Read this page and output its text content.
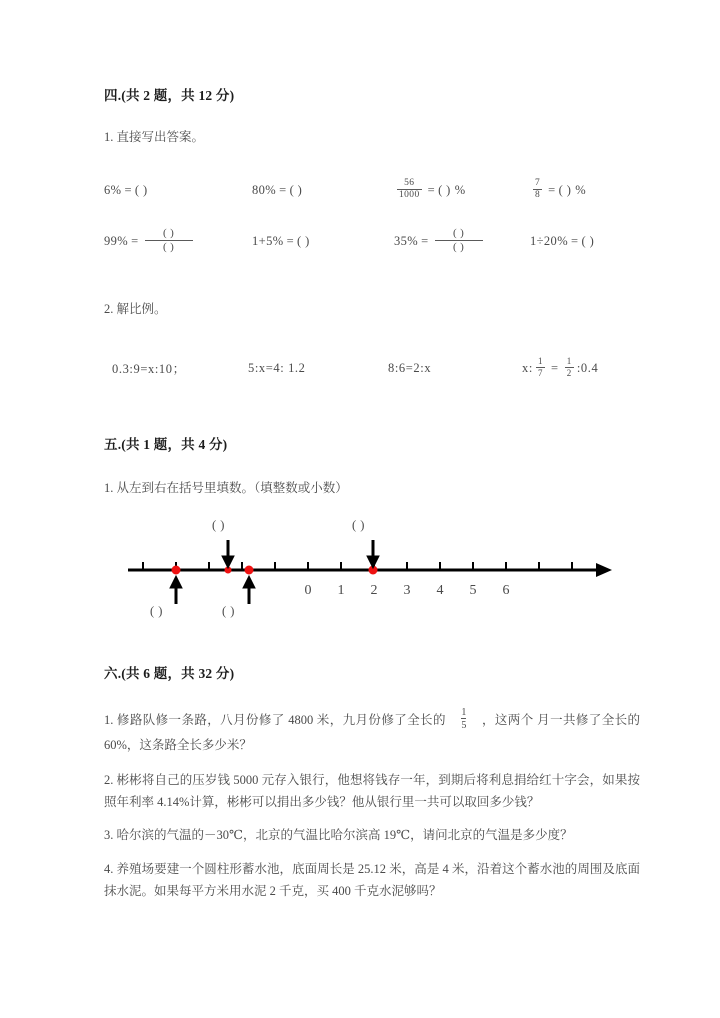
四.(共 2 题，共 12 分)
1. 直接写出答案。
6% = ( )	80% = ( )	$\frac{56}{1000}$ = ( ) %	$\frac{7}{8}$ = ( ) %
$99\% = \frac{( )}{( )}$	1+5% = ( )	$35\% = \frac{( )}{( )}$	1÷20% = ( )
2. 解比例。
0.3:9=x:10；	5:x=4: 1.2	8:6=2:x	x: $\frac{1}{7} = \frac{1}{2}$ :0.4
五.(共 1 题，共 4 分)
1. 从左到右在括号里填数。（填整数或小数）
( )	( )
0 1 2 3 4 5 6
( )	( )
六.(共 6 题，共 32 分)
1. 修路队修一条路，八月份修了 4800 米，九月份修了全长的 $\frac{1}{5}$ ，这两个 月一共修了全长的 60%，这条路全长多少米？
2. 彬彬将自己的压岁钱 5000 元存入银行，他想将钱存一年，到期后将利息捐给红十字会，如果按照年利率 4.14%计算，彬彬可以捐出多少钱？他从银行里一共可以取回多少钱？
3. 哈尔滨的气温的－30℃，北京的气温比哈尔滨高 19℃，请问北京的气温是多少度？
4. 养殖场要建一个圆柱形蓄水池，底面周长是 25.12 米，高是 4 米，沿着这个蓄水池的周围及底面抹水泥。如果每平方米用水泥 2 千克，买 400 千克水泥够吗？
